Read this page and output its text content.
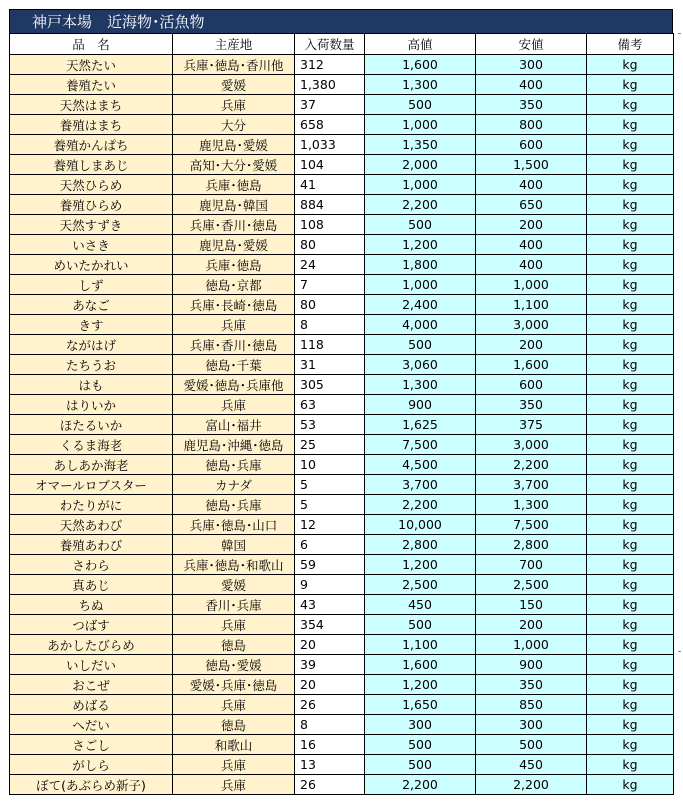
神戸本場　近海物･活魚物
品　名	主産地	入荷数量	高値	安値	備考
天然たい	兵庫･徳島･香川他	312	1,600	300	kg
養殖たい	愛媛	1,380	1,300	400	kg
天然はまち	兵庫	37	500	350	kg
養殖はまち	大分	658	1,000	800	kg
養殖かんぱち	鹿児島･愛媛	1,033	1,350	600	kg
養殖しまあじ	高知･大分･愛媛	104	2,000	1,500	kg
天然ひらめ	兵庫･徳島	41	1,000	400	kg
養殖ひらめ	鹿児島･韓国	884	2,200	650	kg
天然すずき	兵庫･香川･徳島	108	500	200	kg
いさき	鹿児島･愛媛	80	1,200	400	kg
めいたかれい	兵庫･徳島	24	1,800	400	kg
しず	徳島･京都	7	1,000	1,000	kg
あなご	兵庫･長崎･徳島	80	2,400	1,100	kg
きす	兵庫	8	4,000	3,000	kg
ながはげ	兵庫･香川･徳島	118	500	200	kg
たちうお	徳島･千葉	31	3,060	1,600	kg
はも	愛媛･徳島･兵庫他	305	1,300	600	kg
はりいか	兵庫	63	900	350	kg
ほたるいか	富山･福井	53	1,625	375	kg
くるま海老	鹿児島･沖縄･徳島	25	7,500	3,000	kg
あしあか海老	徳島･兵庫	10	4,500	2,200	kg
オマールロブスター	カナダ	5	3,700	3,700	kg
わたりがに	徳島･兵庫	5	2,200	1,300	kg
天然あわび	兵庫･徳島･山口	12	10,000	7,500	kg
養殖あわび	韓国	6	2,800	2,800	kg
さわら	兵庫･徳島･和歌山	59	1,200	700	kg
真あじ	愛媛	9	2,500	2,500	kg
ちぬ	香川･兵庫	43	450	150	kg
つばす	兵庫	354	500	200	kg
あかしたびらめ	徳島	20	1,100	1,000	kg
いしだい	徳島･愛媛	39	1,600	900	kg
おこぜ	愛媛･兵庫･徳島	20	1,200	350	kg
めばる	兵庫	26	1,650	850	kg
へだい	徳島	8	300	300	kg
さごし	和歌山	16	500	500	kg
がしら	兵庫	13	500	450	kg
ぼて(あぶらめ新子)	兵庫	26	2,200	2,200	kg
